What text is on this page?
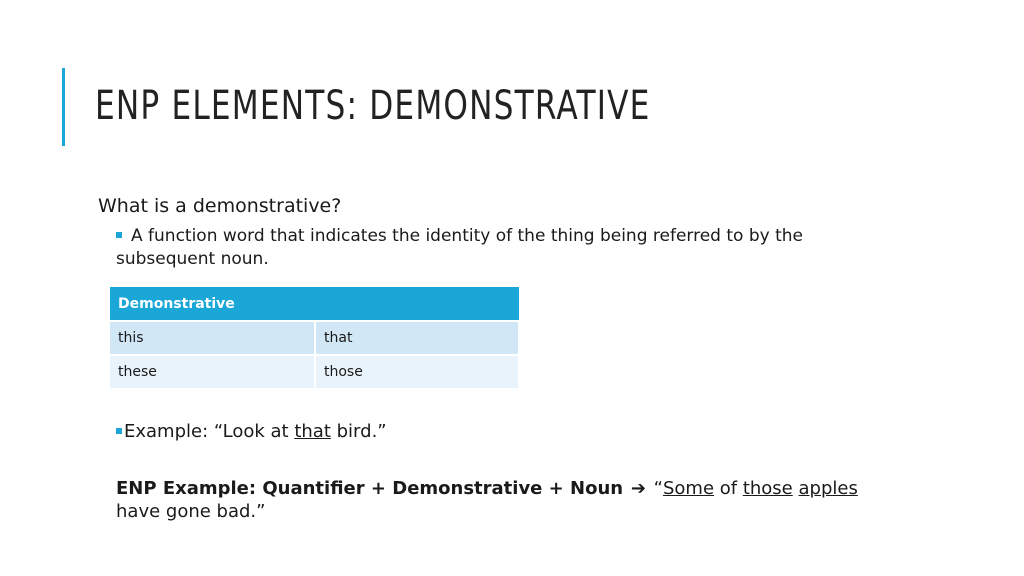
ENP ELEMENTS: DEMONSTRATIVE

What is a demonstrative?

A function word that indicates the identity of the thing being referred to by the subsequent noun.
Demonstrative	
this	that
these	those
Example: “Look at that bird.”
ENP Example: Quantifier + Demonstrative + Noun ➔ “Some of those apples
have gone bad.”
